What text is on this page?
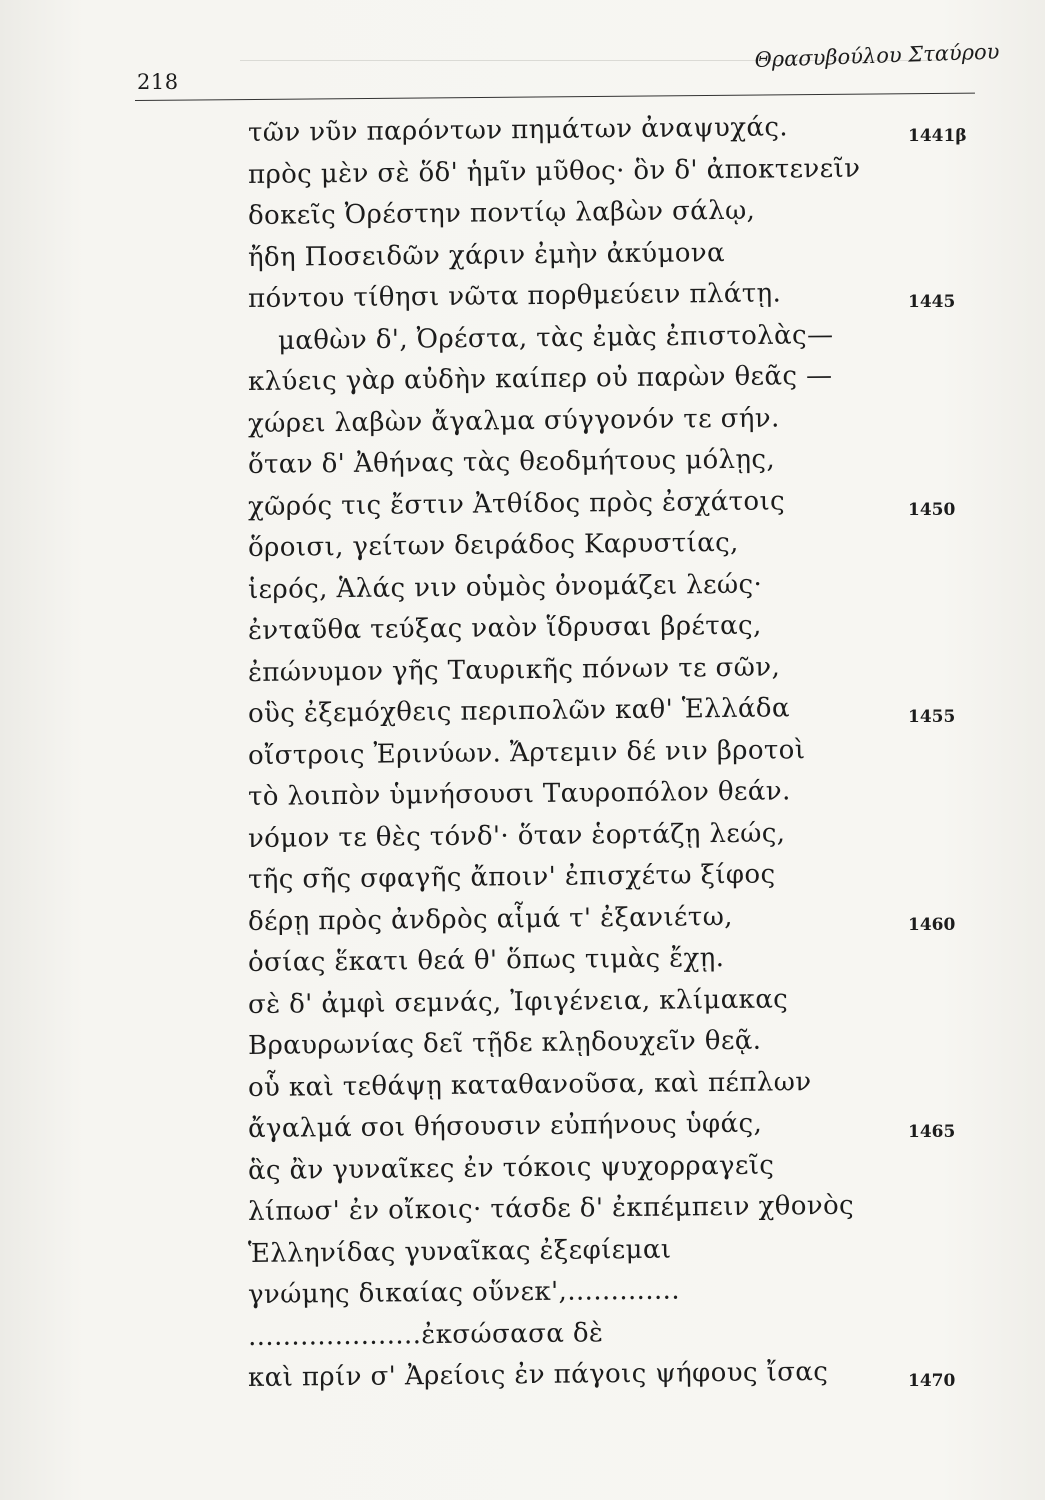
218
Θρασυβούλου Σταύρου
τῶν νῦν παρόντων πημάτων ἀναψυχάς.	1441β
πρὸς μὲν σὲ ὅδ' ἡμῖν μῦθος· ὃν δ' ἀποκτενεῖν
δοκεῖς Ὀρέστην ποντίῳ λαβὼν σάλῳ,
ἤδη Ποσειδῶν χάριν ἐμὴν ἀκύμονα
πόντου τίθησι νῶτα πορθμεύειν πλάτῃ.	1445
μαθὼν δ', Ὀρέστα, τὰς ἐμὰς ἐπιστολὰς—
κλύεις γὰρ αὐδὴν καίπερ οὐ παρὼν θεᾶς —
χώρει λαβὼν ἄγαλμα σύγγονόν τε σήν.
ὅταν δ' Ἀθήνας τὰς θεοδμήτους μόλῃς,
χῶρός τις ἔστιν Ἀτθίδος πρὸς ἐσχάτοις	1450
ὅροισι, γείτων δειράδος Καρυστίας,
ἱερός, Ἁλάς νιν οὑμὸς ὀνομάζει λεώς·
ἐνταῦθα τεύξας ναὸν ἵδρυσαι βρέτας,
ἐπώνυμον γῆς Ταυρικῆς πόνων τε σῶν,
οὓς ἐξεμόχθεις περιπολῶν καθ' Ἑλλάδα	1455
οἴστροις Ἐρινύων. Ἄρτεμιν δέ νιν βροτοὶ
τὸ λοιπὸν ὑμνήσουσι Ταυροπόλον θεάν.
νόμον τε θὲς τόνδ'· ὅταν ἑορτάζῃ λεώς,
τῆς σῆς σφαγῆς ἄποιν' ἐπισχέτω ξίφος
δέρῃ πρὸς ἀνδρὸς αἷμά τ' ἐξανιέτω,	1460
ὁσίας ἕκατι θεά θ' ὅπως τιμὰς ἔχῃ.
σὲ δ' ἀμφὶ σεμνάς, Ἰφιγένεια, κλίμακας
Βραυρωνίας δεῖ τῇδε κλῃδουχεῖν θεᾷ.
οὗ καὶ τεθάψῃ καταθανοῦσα, καὶ πέπλων
ἄγαλμά σοι θήσουσιν εὐπήνους ὑφάς,	1465
ἃς ἂν γυναῖκες ἐν τόκοις ψυχορραγεῖς
λίπωσ' ἐν οἴκοις· τάσδε δ' ἐκπέμπειν χθονὸς
Ἑλληνίδας γυναῖκας ἐξεφίεμαι
γνώμης δικαίας οὕνεκ',.............
....................ἐκσώσασα δὲ
καὶ πρίν σ' Ἀρείοις ἐν πάγοις ψήφους ἴσας	1470
